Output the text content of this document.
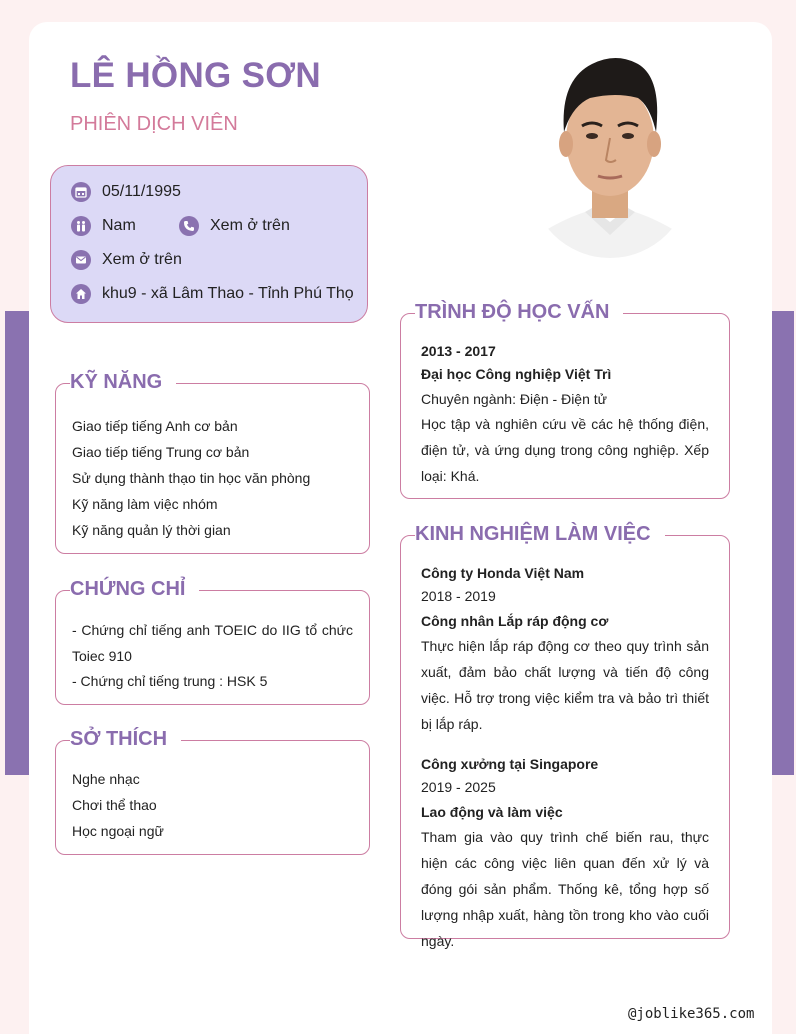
LÊ HỒNG SƠN
PHIÊN DỊCH VIÊN
05/11/1995
Nam	Xem ở trên
Xem ở trên
khu9 - xã Lâm Thao - Tỉnh Phú Thọ
Giao tiếp tiếng Anh cơ bản
Giao tiếp tiếng Trung cơ bản
Sử dụng thành thạo tin học văn phòng
Kỹ năng làm việc nhóm
Kỹ năng quản lý thời gian
KỸ NĂNG
- Chứng chỉ tiếng anh TOEIC do IIG tổ chức Toiec 910
- Chứng chỉ tiếng trung : HSK 5
CHỨNG CHỈ
Nghe nhạc
Chơi thể thao
Học ngoại ngữ
SỞ THÍCH
2013 - 2017
Đại học Công nghiệp Việt Trì
Chuyên ngành: Điện - Điện tử
Học tập và nghiên cứu về các hệ thống điện, điện tử, và ứng dụng trong công nghiệp. Xếp loại: Khá.
TRÌNH ĐỘ HỌC VẤN
Công ty Honda Việt Nam
2018 - 2019
Công nhân Lắp ráp động cơ
Thực hiện lắp ráp động cơ theo quy trình sản xuất, đảm bảo chất lượng và tiến độ công việc. Hỗ trợ trong việc kiểm tra và bảo trì thiết bị lắp ráp.
Công xưởng tại Singapore
2019 - 2025
Lao động và làm việc
Tham gia vào quy trình chế biến rau, thực hiện các công việc liên quan đến xử lý và đóng gói sản phẩm. Thống kê, tổng hợp số lượng nhập xuất, hàng tồn trong kho vào cuối ngày.
KINH NGHIỆM LÀM VIỆC
@joblike365.com
